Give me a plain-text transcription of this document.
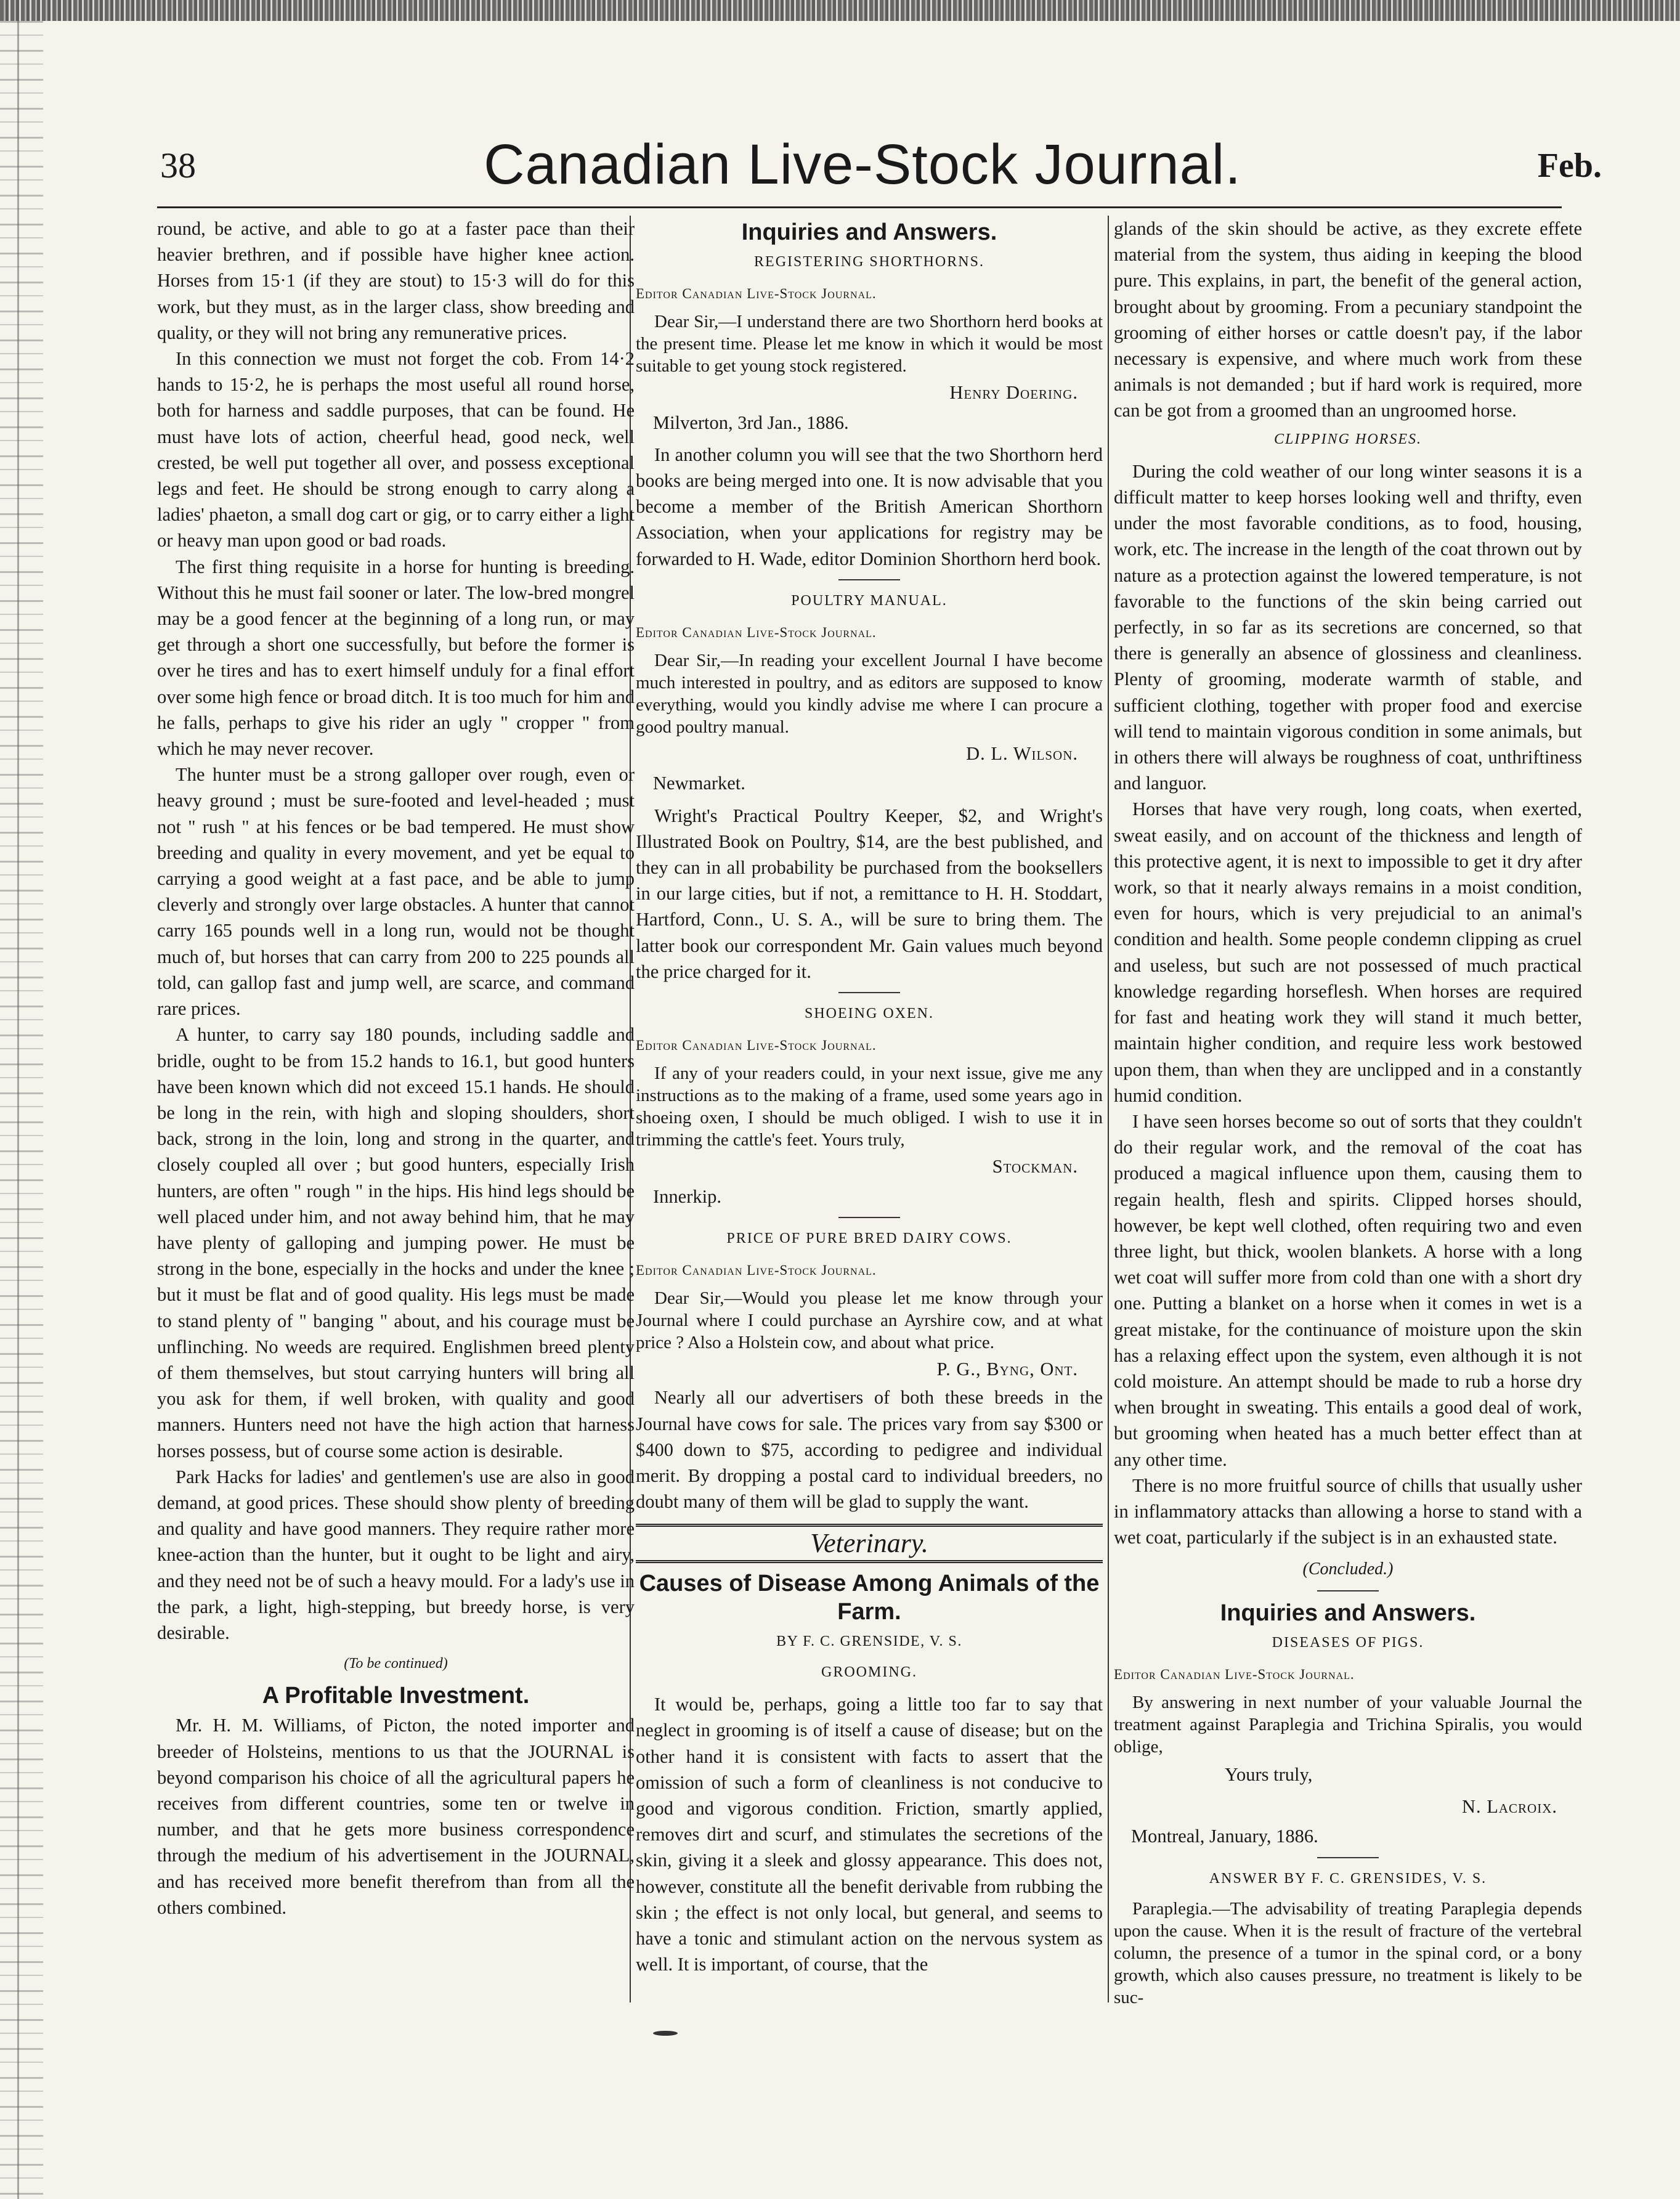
38	Canadian Live-Stock Journal.	Feb.

round, be active, and able to go at a faster pace than their heavier brethren, and if possible have higher knee action. Horses from 15·1 (if they are stout) to 15·3 will do for this work, but they must, as in the larger class, show breeding and quality, or they will not bring any remunerative prices.

In this connection we must not forget the cob. From 14·2 hands to 15·2, he is perhaps the most useful all round horse, both for harness and saddle purposes, that can be found. He must have lots of action, cheerful head, good neck, well crested, be well put together all over, and possess exceptional legs and feet. He should be strong enough to carry along a ladies' phaeton, a small dog cart or gig, or to carry either a light or heavy man upon good or bad roads.

The first thing requisite in a horse for hunting is breeding. Without this he must fail sooner or later. The low-bred mongrel may be a good fencer at the beginning of a long run, or may get through a short one successfully, but before the former is over he tires and has to exert himself unduly for a final effort over some high fence or broad ditch. It is too much for him and he falls, perhaps to give his rider an ugly " cropper " from which he may never recover.

The hunter must be a strong galloper over rough, even or heavy ground ; must be sure-footed and level-headed ; must not " rush " at his fences or be bad tempered. He must show breeding and quality in every movement, and yet be equal to carrying a good weight at a fast pace, and be able to jump cleverly and strongly over large obstacles. A hunter that cannot carry 165 pounds well in a long run, would not be thought much of, but horses that can carry from 200 to 225 pounds all told, can gallop fast and jump well, are scarce, and command rare prices.

A hunter, to carry say 180 pounds, including saddle and bridle, ought to be from 15.2 hands to 16.1, but good hunters have been known which did not exceed 15.1 hands. He should be long in the rein, with high and sloping shoulders, short back, strong in the loin, long and strong in the quarter, and closely coupled all over ; but good hunters, especially Irish hunters, are often " rough " in the hips. His hind legs should be well placed under him, and not away behind him, that he may have plenty of galloping and jumping power. He must be strong in the bone, especially in the hocks and under the knee ; but it must be flat and of good quality. His legs must be made to stand plenty of " banging " about, and his courage must be unflinching. No weeds are required. Englishmen breed plenty of them themselves, but stout carrying hunters will bring all you ask for them, if well broken, with quality and good manners. Hunters need not have the high action that harness horses possess, but of course some action is desirable.

Park Hacks for ladies' and gentlemen's use are also in good demand, at good prices. These should show plenty of breeding and quality and have good manners. They require rather more knee-action than the hunter, but it ought to be light and airy, and they need not be of such a heavy mould. For a lady's use in the park, a light, high-stepping, but breedy horse, is very desirable.

(To be continued)
A Profitable Investment.

Mr. H. M. Williams, of Picton, the noted importer and breeder of Holsteins, mentions to us that the JOURNAL is beyond comparison his choice of all the agricultural papers he receives from different countries, some ten or twelve in number, and that he gets more business correspondence through the medium of his advertisement in the JOURNAL, and has received more benefit therefrom than from all the others combined.

Inquiries and Answers.
REGISTERING SHORTHORNS.
Editor Canadian Live-Stock Journal.

Dear Sir,—I understand there are two Shorthorn herd books at the present time. Please let me know in which it would be most suitable to get young stock registered.

Henry Doering.
Milverton, 3rd Jan., 1886.

In another column you will see that the two Shorthorn herd books are being merged into one. It is now advisable that you become a member of the British American Shorthorn Association, when your applications for registry may be forwarded to H. Wade, editor Dominion Shorthorn herd book.

POULTRY MANUAL.
Editor Canadian Live-Stock Journal.

Dear Sir,—In reading your excellent Journal I have become much interested in poultry, and as editors are supposed to know everything, would you kindly advise me where I can procure a good poultry manual.

D. L. Wilson.
Newmarket.

Wright's Practical Poultry Keeper, $2, and Wright's Illustrated Book on Poultry, $14, are the best published, and they can in all probability be purchased from the booksellers in our large cities, but if not, a remittance to H. H. Stoddart, Hartford, Conn., U. S. A., will be sure to bring them. The latter book our correspondent Mr. Gain values much beyond the price charged for it.

SHOEING OXEN.
Editor Canadian Live-Stock Journal.

If any of your readers could, in your next issue, give me any instructions as to the making of a frame, used some years ago in shoeing oxen, I should be much obliged. I wish to use it in trimming the cattle's feet. Yours truly,

Stockman.
Innerkip.
PRICE OF PURE BRED DAIRY COWS.
Editor Canadian Live-Stock Journal.

Dear Sir,—Would you please let me know through your Journal where I could purchase an Ayrshire cow, and at what price ? Also a Holstein cow, and about what price.

P. G., Byng, Ont.

Nearly all our advertisers of both these breeds in the Journal have cows for sale. The prices vary from say $300 or $400 down to $75, according to pedigree and individual merit. By dropping a postal card to individual breeders, no doubt many of them will be glad to supply the want.

Veterinary.
Causes of Disease Among Animals of the Farm.
BY F. C. GRENSIDE, V. S.
GROOMING.

It would be, perhaps, going a little too far to say that neglect in grooming is of itself a cause of disease; but on the other hand it is consistent with facts to assert that the omission of such a form of cleanliness is not conducive to good and vigorous condition. Friction, smartly applied, removes dirt and scurf, and stimulates the secretions of the skin, giving it a sleek and glossy appearance. This does not, however, constitute all the benefit derivable from rubbing the skin ; the effect is not only local, but general, and seems to have a tonic and stimulant action on the nervous system as well. It is important, of course, that the

glands of the skin should be active, as they excrete effete material from the system, thus aiding in keeping the blood pure. This explains, in part, the benefit of the general action, brought about by grooming. From a pecuniary standpoint the grooming of either horses or cattle doesn't pay, if the labor necessary is expensive, and where much work from these animals is not demanded ; but if hard work is required, more can be got from a groomed than an ungroomed horse.

CLIPPING HORSES.

During the cold weather of our long winter seasons it is a difficult matter to keep horses looking well and thrifty, even under the most favorable conditions, as to food, housing, work, etc. The increase in the length of the coat thrown out by nature as a protection against the lowered temperature, is not favorable to the functions of the skin being carried out perfectly, in so far as its secretions are concerned, so that there is generally an absence of glossiness and cleanliness. Plenty of grooming, moderate warmth of stable, and sufficient clothing, together with proper food and exercise will tend to maintain vigorous condition in some animals, but in others there will always be roughness of coat, unthriftiness and languor.

Horses that have very rough, long coats, when exerted, sweat easily, and on account of the thickness and length of this protective agent, it is next to impossible to get it dry after work, so that it nearly always remains in a moist condition, even for hours, which is very prejudicial to an animal's condition and health. Some people condemn clipping as cruel and useless, but such are not possessed of much practical knowledge regarding horseflesh. When horses are required for fast and heating work they will stand it much better, maintain higher condition, and require less work bestowed upon them, than when they are unclipped and in a constantly humid condition.

I have seen horses become so out of sorts that they couldn't do their regular work, and the removal of the coat has produced a magical influence upon them, causing them to regain health, flesh and spirits. Clipped horses should, however, be kept well clothed, often requiring two and even three light, but thick, woolen blankets. A horse with a long wet coat will suffer more from cold than one with a short dry one. Putting a blanket on a horse when it comes in wet is a great mistake, for the continuance of moisture upon the skin has a relaxing effect upon the system, even although it is not cold moisture. An attempt should be made to rub a horse dry when brought in sweating. This entails a good deal of work, but grooming when heated has a much better effect than at any other time.

There is no more fruitful source of chills that usually usher in inflammatory attacks than allowing a horse to stand with a wet coat, particularly if the subject is in an exhausted state.

(Concluded.)
Inquiries and Answers.
DISEASES OF PIGS.
Editor Canadian Live-Stock Journal.

By answering in next number of your valuable Journal the treatment against Paraplegia and Trichina Spiralis, you would oblige,

Yours truly,
N. Lacroix.
Montreal, January, 1886.
ANSWER BY F. C. GRENSIDES, V. S.

Paraplegia.—The advisability of treating Paraplegia depends upon the cause. When it is the result of fracture of the vertebral column, the presence of a tumor in the spinal cord, or a bony growth, which also causes pressure, no treatment is likely to be suc-
